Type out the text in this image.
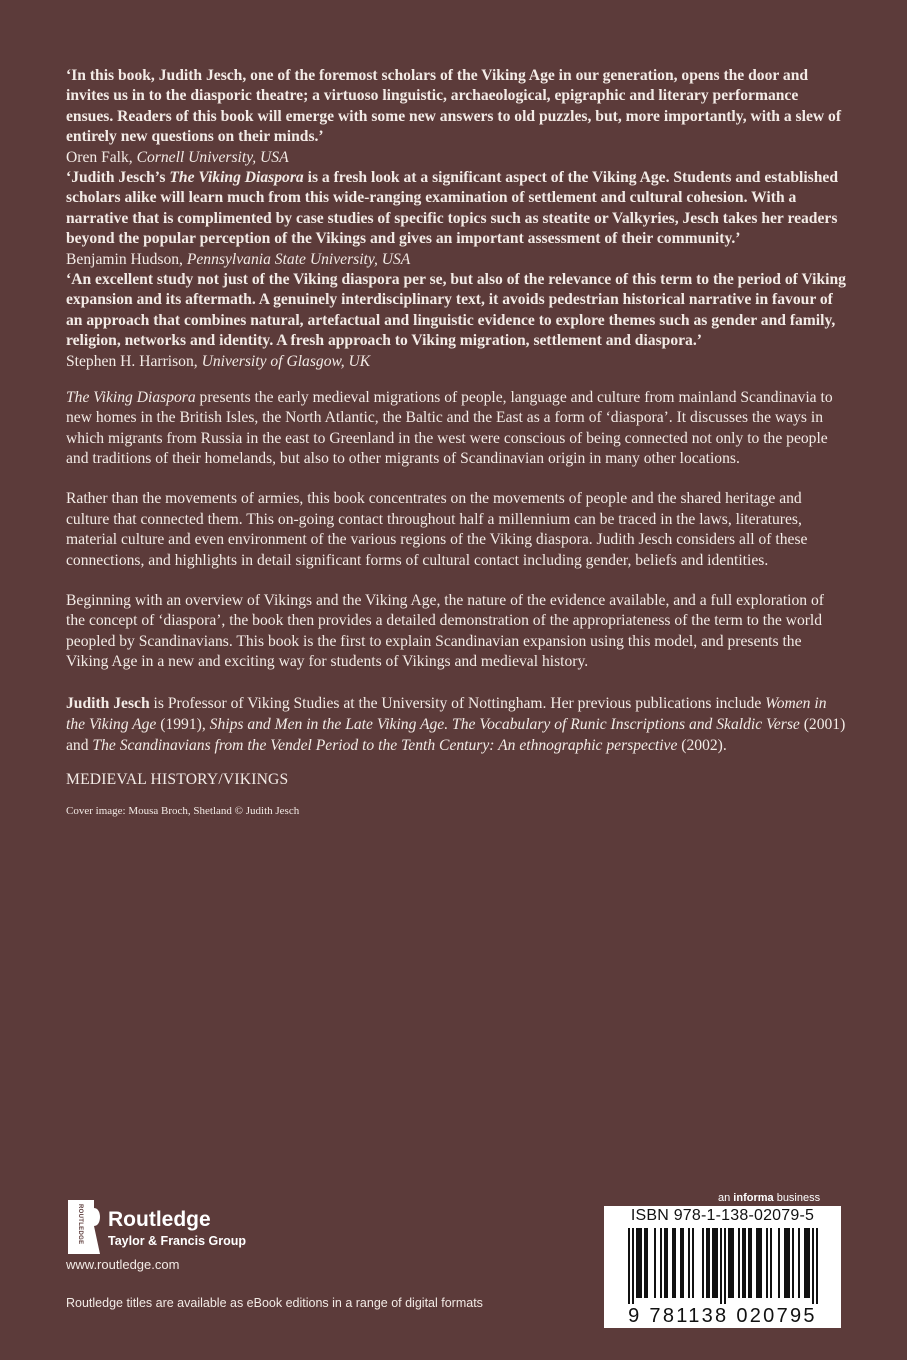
‘In this book, Judith Jesch, one of the foremost scholars of the Viking Age in our generation, opens the door and invites us in to the diasporic theatre; a virtuoso linguistic, archaeological, epigraphic and literary performance ensues. Readers of this book will emerge with some new answers to old puzzles, but, more importantly, with a slew of entirely new questions on their minds.’

Oren Falk, Cornell University, USA

‘Judith Jesch’s The Viking Diaspora is a fresh look at a significant aspect of the Viking Age. Students and established scholars alike will learn much from this wide-ranging examination of settlement and cultural cohesion. With a narrative that is complimented by case studies of specific topics such as steatite or Valkyries, Jesch takes her readers beyond the popular perception of the Vikings and gives an important assessment of their community.’

Benjamin Hudson, Pennsylvania State University, USA

‘An excellent study not just of the Viking diaspora per se, but also of the relevance of this term to the period of Viking expansion and its aftermath. A genuinely interdisciplinary text, it avoids pedestrian historical narrative in favour of an approach that combines natural, artefactual and linguistic evidence to explore themes such as gender and family, religion, networks and identity. A fresh approach to Viking migration, settlement and diaspora.’

Stephen H. Harrison, University of Glasgow, UK

The Viking Diaspora presents the early medieval migrations of people, language and culture from mainland Scandinavia to new homes in the British Isles, the North Atlantic, the Baltic and the East as a form of ‘diaspora’. It discusses the ways in which migrants from Russia in the east to Greenland in the west were conscious of being connected not only to the people and traditions of their homelands, but also to other migrants of Scandinavian origin in many other locations.

Rather than the movements of armies, this book concentrates on the movements of people and the shared heritage and culture that connected them. This on-going contact throughout half a millennium can be traced in the laws, literatures, material culture and even environment of the various regions of the Viking diaspora. Judith Jesch considers all of these connections, and highlights in detail significant forms of cultural contact including gender, beliefs and identities.

Beginning with an overview of Vikings and the Viking Age, the nature of the evidence available, and a full exploration of the concept of ‘diaspora’, the book then provides a detailed demonstration of the appropriateness of the term to the world peopled by Scandinavians. This book is the first to explain Scandinavian expansion using this model, and presents the Viking Age in a new and exciting way for students of Vikings and medieval history.

Judith Jesch is Professor of Viking Studies at the University of Nottingham. Her previous publications include Women in the Viking Age (1991), Ships and Men in the Late Viking Age. The Vocabulary of Runic Inscriptions and Skaldic Verse (2001) and The Scandinavians from the Vendel Period to the Tenth Century: An ethnographic perspective (2002).

MEDIEVAL HISTORY/VIKINGS

Cover image: Mousa Broch, Shetland © Judith Jesch

ROUTLEDGE Routledge
Taylor & Francis Group
www.routledge.com
Routledge titles are available as eBook editions in a range of digital formats
an informa business
ISBN 978-1-138-02079-5
9 781138 020795
